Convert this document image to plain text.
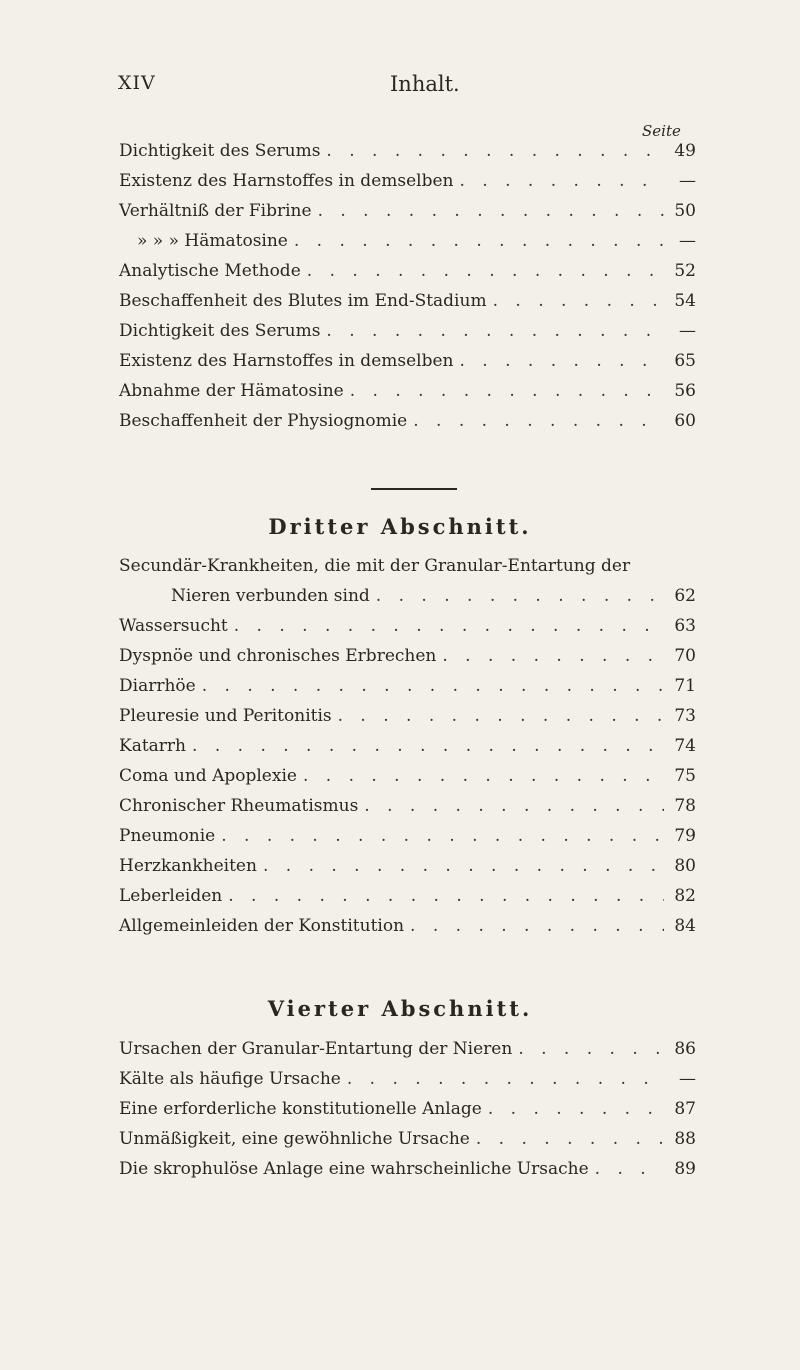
XIV	Inhalt.
Seite
Dichtigkeit des Serums . . .	49
Existenz des Harnstoffes in demselben . . .	—
Verhältniß der Fibrine . . .	50
» » » Hämatosine . . .	—
Analytische Methode . . .	52
Beschaffenheit des Blutes im End-Stadium . . .	54
Dichtigkeit des Serums . . .	—
Existenz des Harnstoffes in demselben . . .	65
Abnahme der Hämatosine . . .	56
Beschaffenheit der Physiognomie . . .	60
Dritter Abschnitt.
Secundär-Krankheiten, die mit der Granular-Entartung der
Nieren verbunden sind . . .	62
Wassersucht . . .	63
Dyspnöe und chronisches Erbrechen . . .	70
Diarrhöe . . .	71
Pleuresie und Peritonitis . . .	73
Katarrh . . .	74
Coma und Apoplexie . . .	75
Chronischer Rheumatismus . . .	78
Pneumonie . . .	79
Herzkankheiten . . .	80
Leberleiden . . .	82
Allgemeinleiden der Konstitution . . .	84
Vierter Abschnitt.
Ursachen der Granular-Entartung der Nieren . . .	86
Kälte als häufige Ursache . . .	—
Eine erforderliche konstitutionelle Anlage . . .	87
Unmäßigkeit, eine gewöhnliche Ursache . . .	88
Die skrophulöse Anlage eine wahrscheinliche Ursache . . .	89
